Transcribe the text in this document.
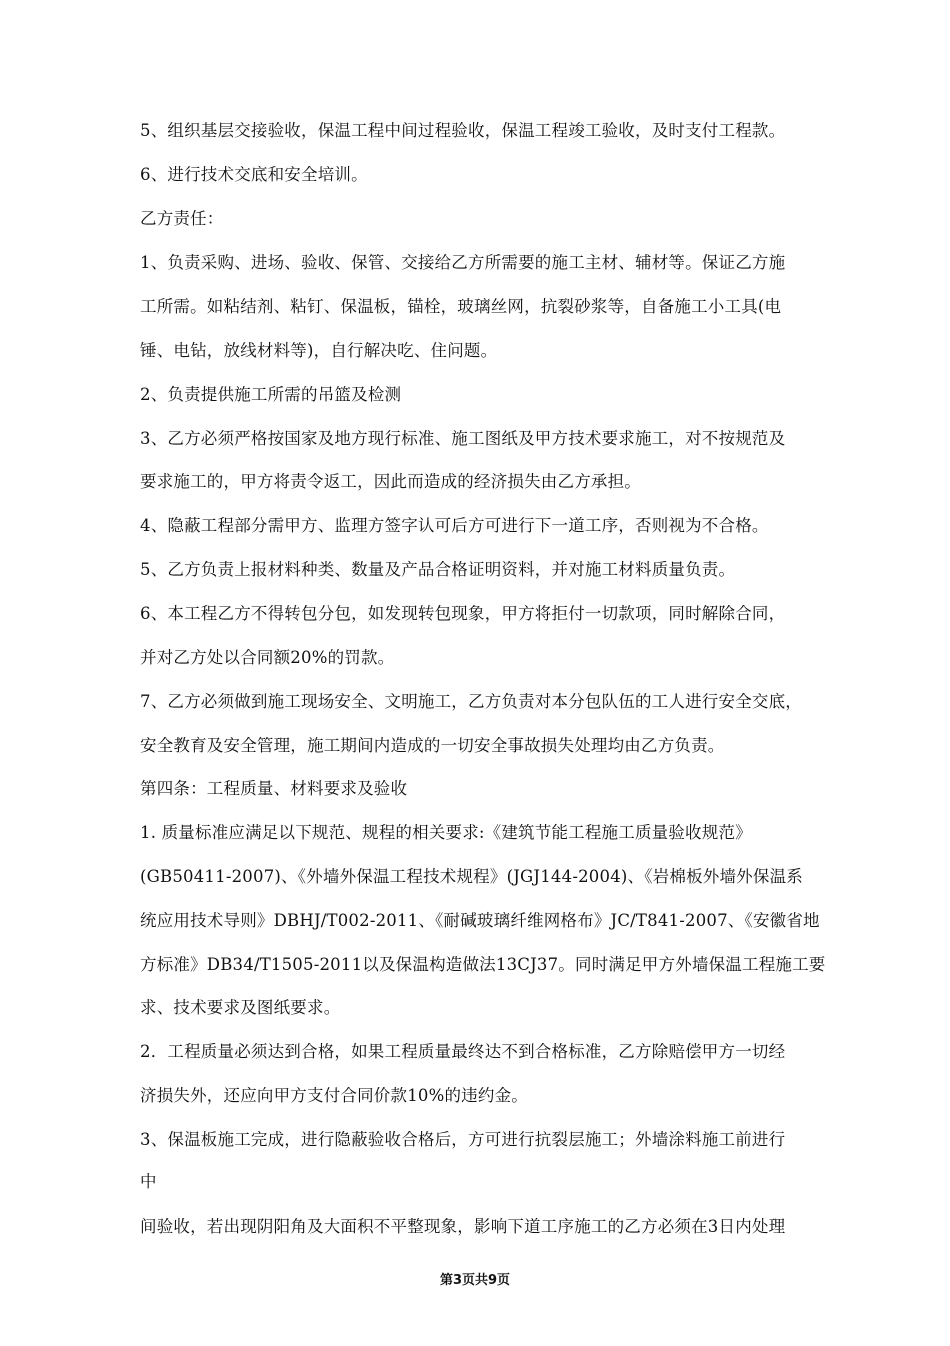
5、组织基层交接验收，保温工程中间过程验收，保温工程竣工验收，及时支付工程款。
6、进行技术交底和安全培训。
乙方责任：
1、负责采购、进场、验收、保管、交接给乙方所需要的施工主材、辅材等。保证乙方施
工所需。如粘结剂、粘钉、保温板，锚栓，玻璃丝网，抗裂砂浆等，自备施工小工具(电
锤、电钻，放线材料等)，自行解决吃、住问题。
2、负责提供施工所需的吊篮及检测
3、乙方必须严格按国家及地方现行标准、施工图纸及甲方技术要求施工，对不按规范及
要求施工的，甲方将责令返工，因此而造成的经济损失由乙方承担。
4、隐蔽工程部分需甲方、监理方签字认可后方可进行下一道工序，否则视为不合格。
5、乙方负责上报材料种类、数量及产品合格证明资料，并对施工材料质量负责。
6、本工程乙方不得转包分包，如发现转包现象，甲方将拒付一切款项，同时解除合同，
并对乙方处以合同额20%的罚款。
7、乙方必须做到施工现场安全、文明施工，乙方负责对本分包队伍的工人进行安全交底，
安全教育及安全管理，施工期间内造成的一切安全事故损失处理均由乙方负责。
第四条：工程质量、材料要求及验收
1. 质量标准应满足以下规范、规程的相关要求:《建筑节能工程施工质量验收规范》
(GB50411-2007)、《外墙外保温工程技术规程》(JGJ144-2004)、《岩棉板外墙外保温系
统应用技术导则》DBHJ/T002-2011、《耐碱玻璃纤维网格布》JC/T841-2007、《安徽省地
方标准》DB34/T1505-2011以及保温构造做法13CJ37。同时满足甲方外墙保温工程施工要
求、技术要求及图纸要求。
2．工程质量必须达到合格，如果工程质量最终达不到合格标准，乙方除赔偿甲方一切经
济损失外，还应向甲方支付合同价款10%的违约金。
3、保温板施工完成，进行隐蔽验收合格后，方可进行抗裂层施工；外墙涂料施工前进行
中
间验收，若出现阴阳角及大面积不平整现象，影响下道工序施工的乙方必须在3日内处理
第3页共9页
